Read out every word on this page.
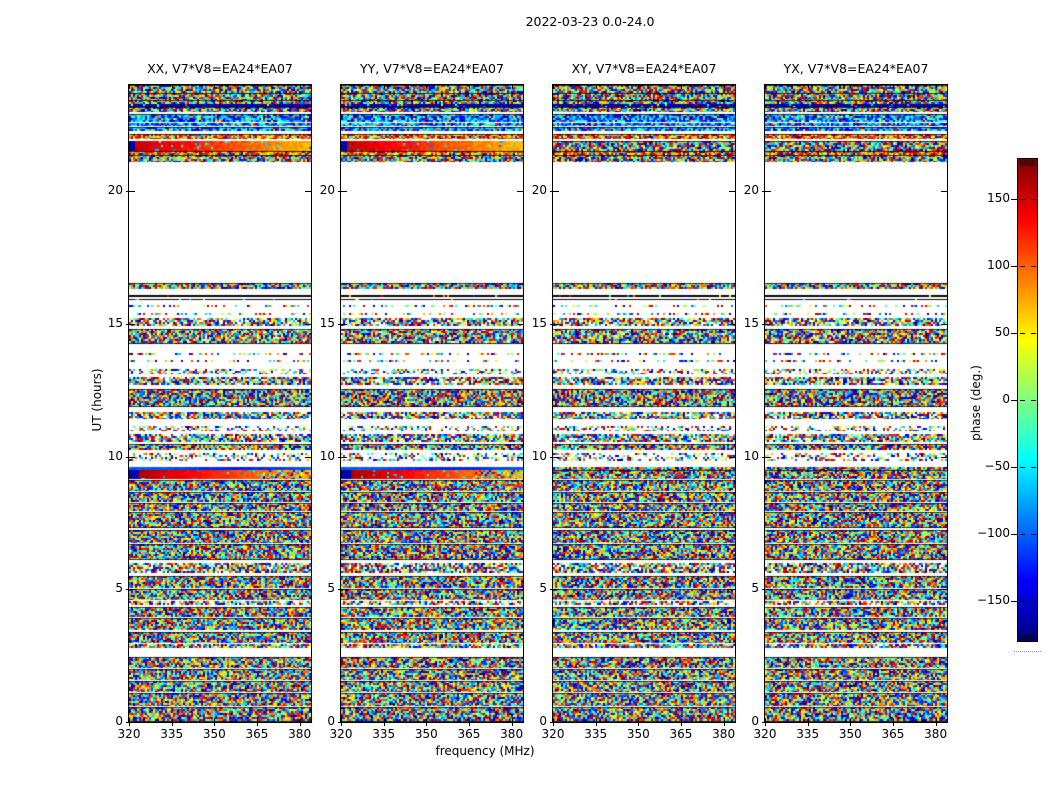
2022-03-23 0.0-24.0
UT (hours)
frequency (MHz)
XX, V7*V8=EA24*EA07
0
5
10
15
20
320	335	350	365	380
YY, V7*V8=EA24*EA07
0
5
10
15
20
320	335	350	365	380
XY, V7*V8=EA24*EA07
0
5
10
15
20
320	335	350	365	380
YX, V7*V8=EA24*EA07
0
5
10
15
20
320	335	350	365	380
phase (deg.)
150
100
50
0
−50
−100
−150
